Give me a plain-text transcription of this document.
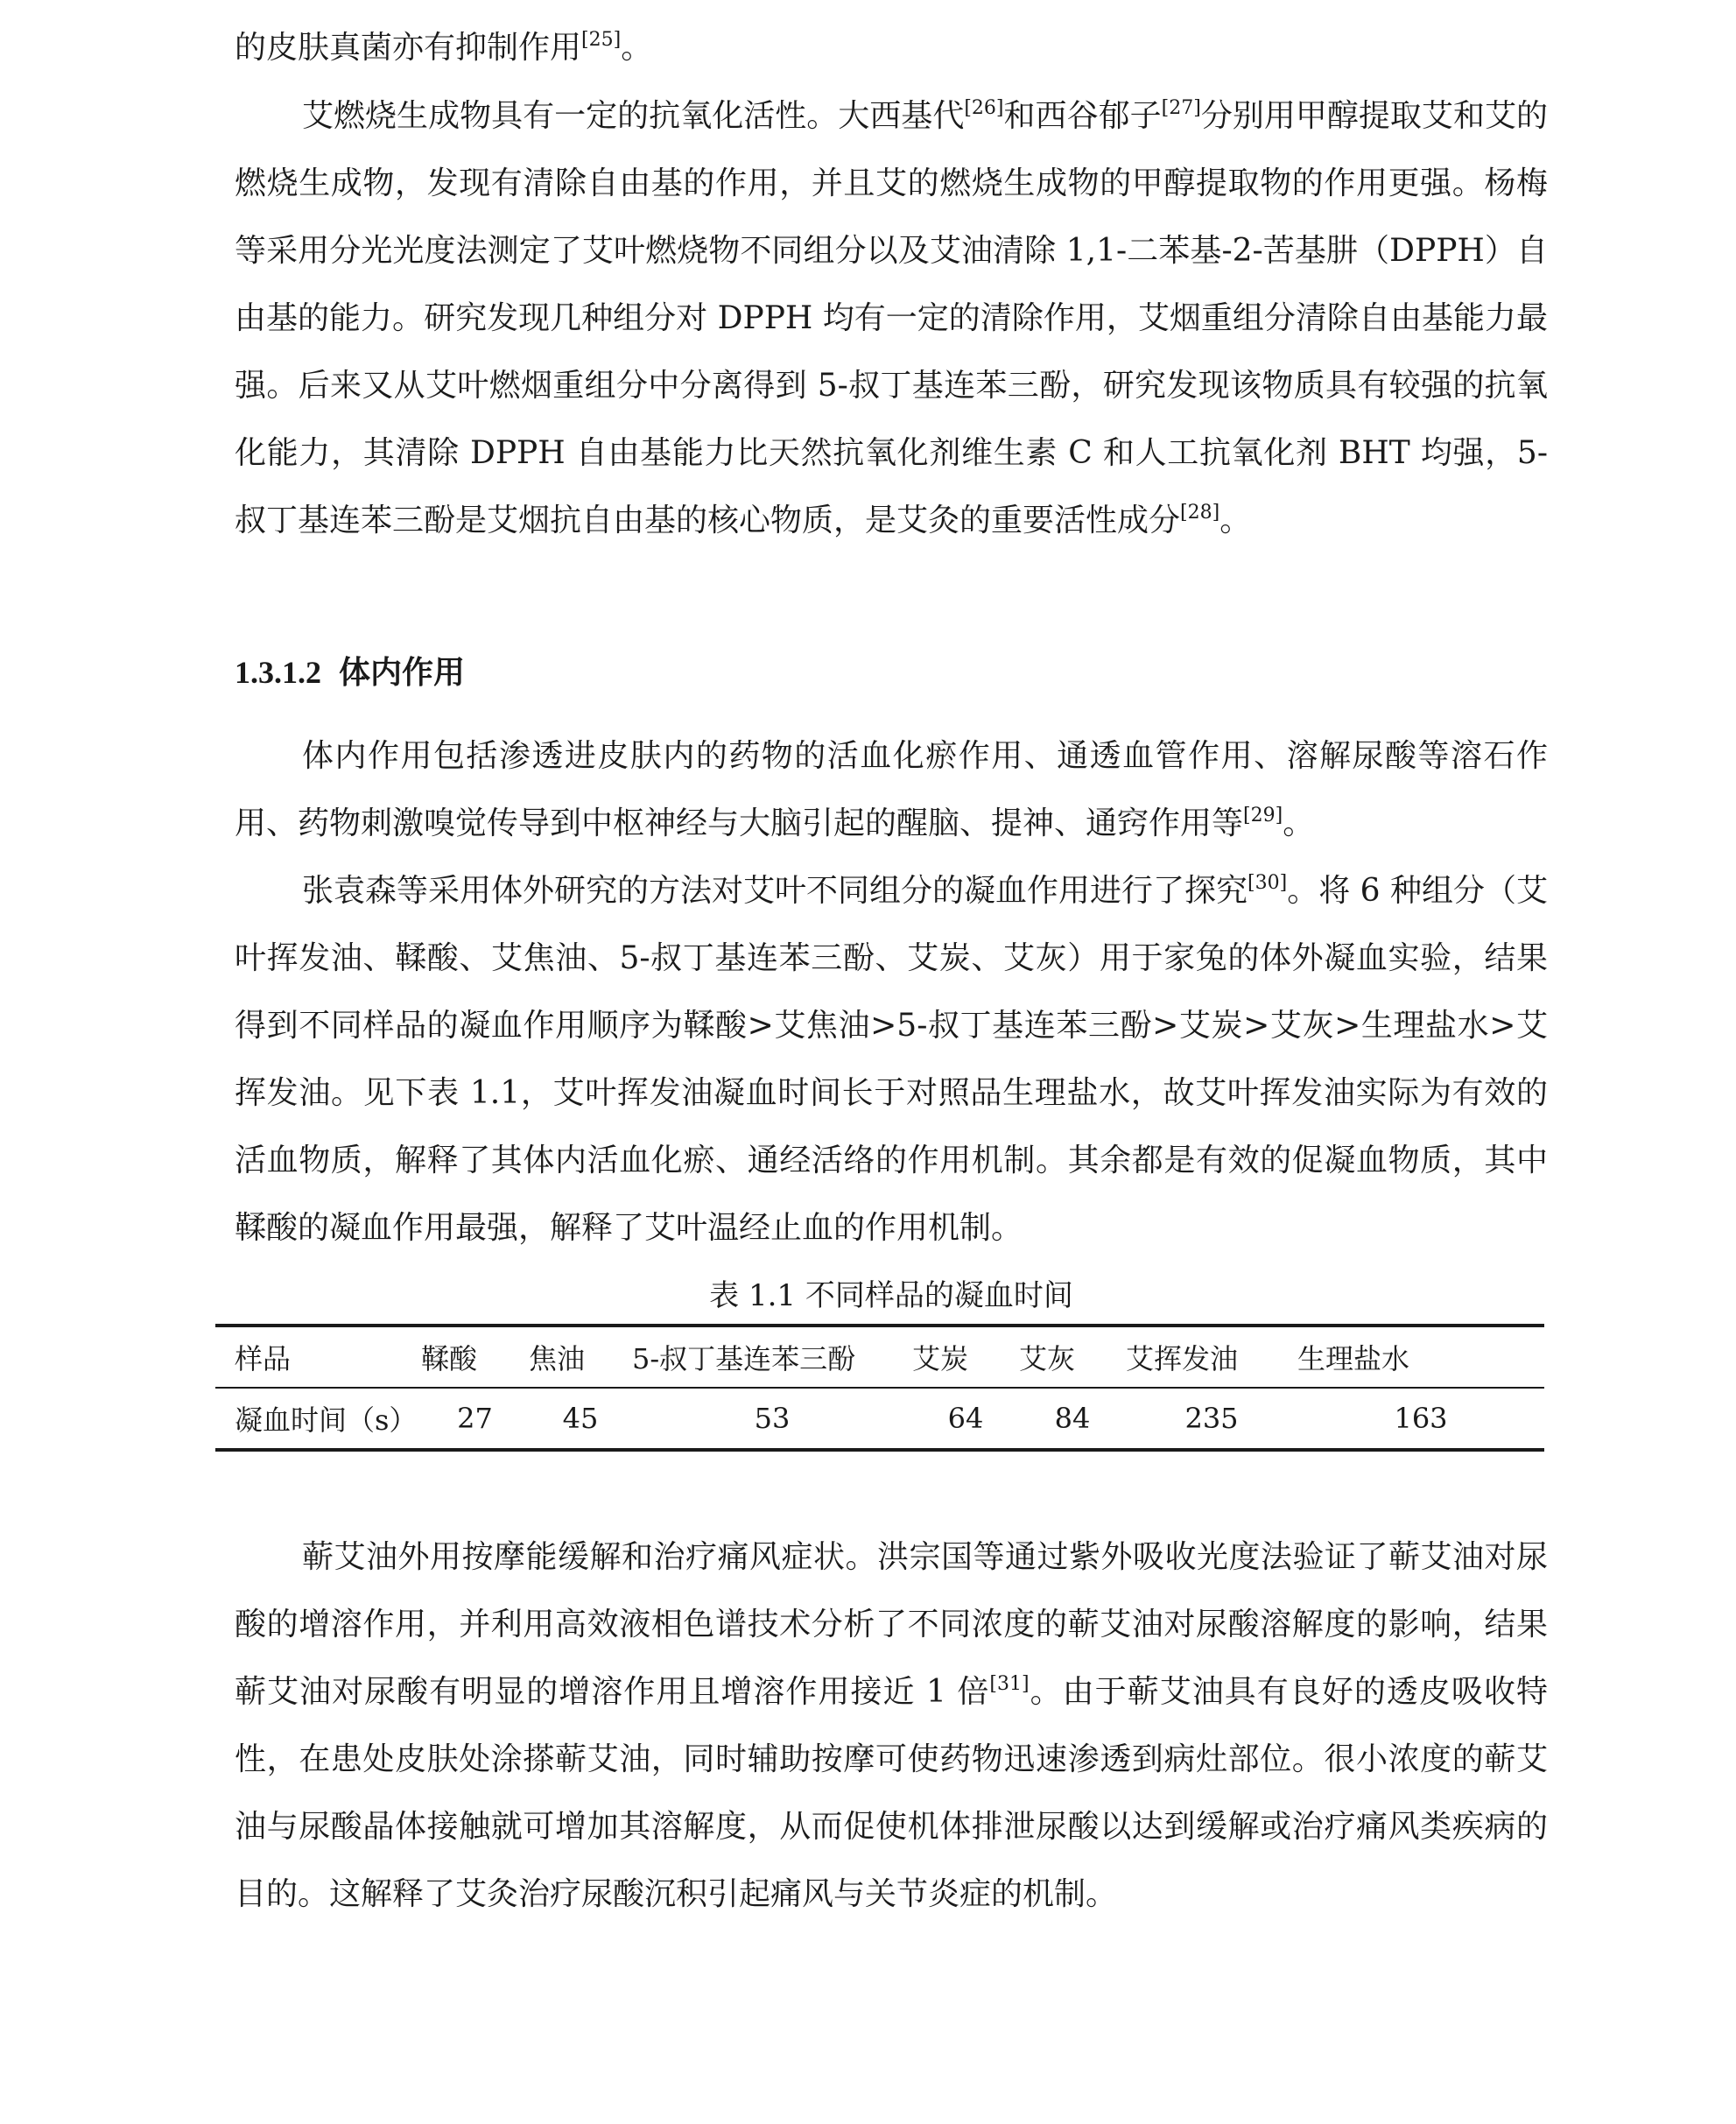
的皮肤真菌亦有抑制作用[25]。

艾燃烧生成物具有一定的抗氧化活性。大西基代[26]和西谷郁子[27]分别用甲醇提取艾和艾的燃烧生成物，发现有清除自由基的作用，并且艾的燃烧生成物的甲醇提取物的作用更强。杨梅等采用分光光度法测定了艾叶燃烧物不同组分以及艾油清除 1,1-二苯基-2-苦基肼（DPPH）自由基的能力。研究发现几种组分对 DPPH 均有一定的清除作用，艾烟重组分清除自由基能力最强。后来又从艾叶燃烟重组分中分离得到 5-叔丁基连苯三酚，研究发现该物质具有较强的抗氧化能力，其清除 DPPH 自由基能力比天然抗氧化剂维生素 C 和人工抗氧化剂 BHT 均强，5-叔丁基连苯三酚是艾烟抗自由基的核心物质，是艾灸的重要活性成分[28]。

1.3.1.2 体内作用

体内作用包括渗透进皮肤内的药物的活血化瘀作用、通透血管作用、溶解尿酸等溶石作用、药物刺激嗅觉传导到中枢神经与大脑引起的醒脑、提神、通窍作用等[29]。

张袁森等采用体外研究的方法对艾叶不同组分的凝血作用进行了探究[30]。将 6 种组分（艾叶挥发油、鞣酸、艾焦油、5-叔丁基连苯三酚、艾炭、艾灰）用于家兔的体外凝血实验，结果得到不同样品的凝血作用顺序为鞣酸>艾焦油>5-叔丁基连苯三酚>艾炭>艾灰>生理盐水>艾挥发油。见下表 1.1，艾叶挥发油凝血时间长于对照品生理盐水，故艾叶挥发油实际为有效的活血物质，解释了其体内活血化瘀、通经活络的作用机制。其余都是有效的促凝血物质，其中鞣酸的凝血作用最强，解释了艾叶温经止血的作用机制。

表 1.1 不同样品的凝血时间

样品	鞣酸	焦油	5-叔丁基连苯三酚	艾炭	艾灰	艾挥发油	生理盐水
凝血时间（s）	27	45	53	64	84	235	163

蕲艾油外用按摩能缓解和治疗痛风症状。洪宗国等通过紫外吸收光度法验证了蕲艾油对尿酸的增溶作用，并利用高效液相色谱技术分析了不同浓度的蕲艾油对尿酸溶解度的影响，结果蕲艾油对尿酸有明显的增溶作用且增溶作用接近 1 倍[31]。由于蕲艾油具有良好的透皮吸收特性，在患处皮肤处涂搽蕲艾油，同时辅助按摩可使药物迅速渗透到病灶部位。很小浓度的蕲艾油与尿酸晶体接触就可增加其溶解度，从而促使机体排泄尿酸以达到缓解或治疗痛风类疾病的目的。这解释了艾灸治疗尿酸沉积引起痛风与关节炎症的机制。
